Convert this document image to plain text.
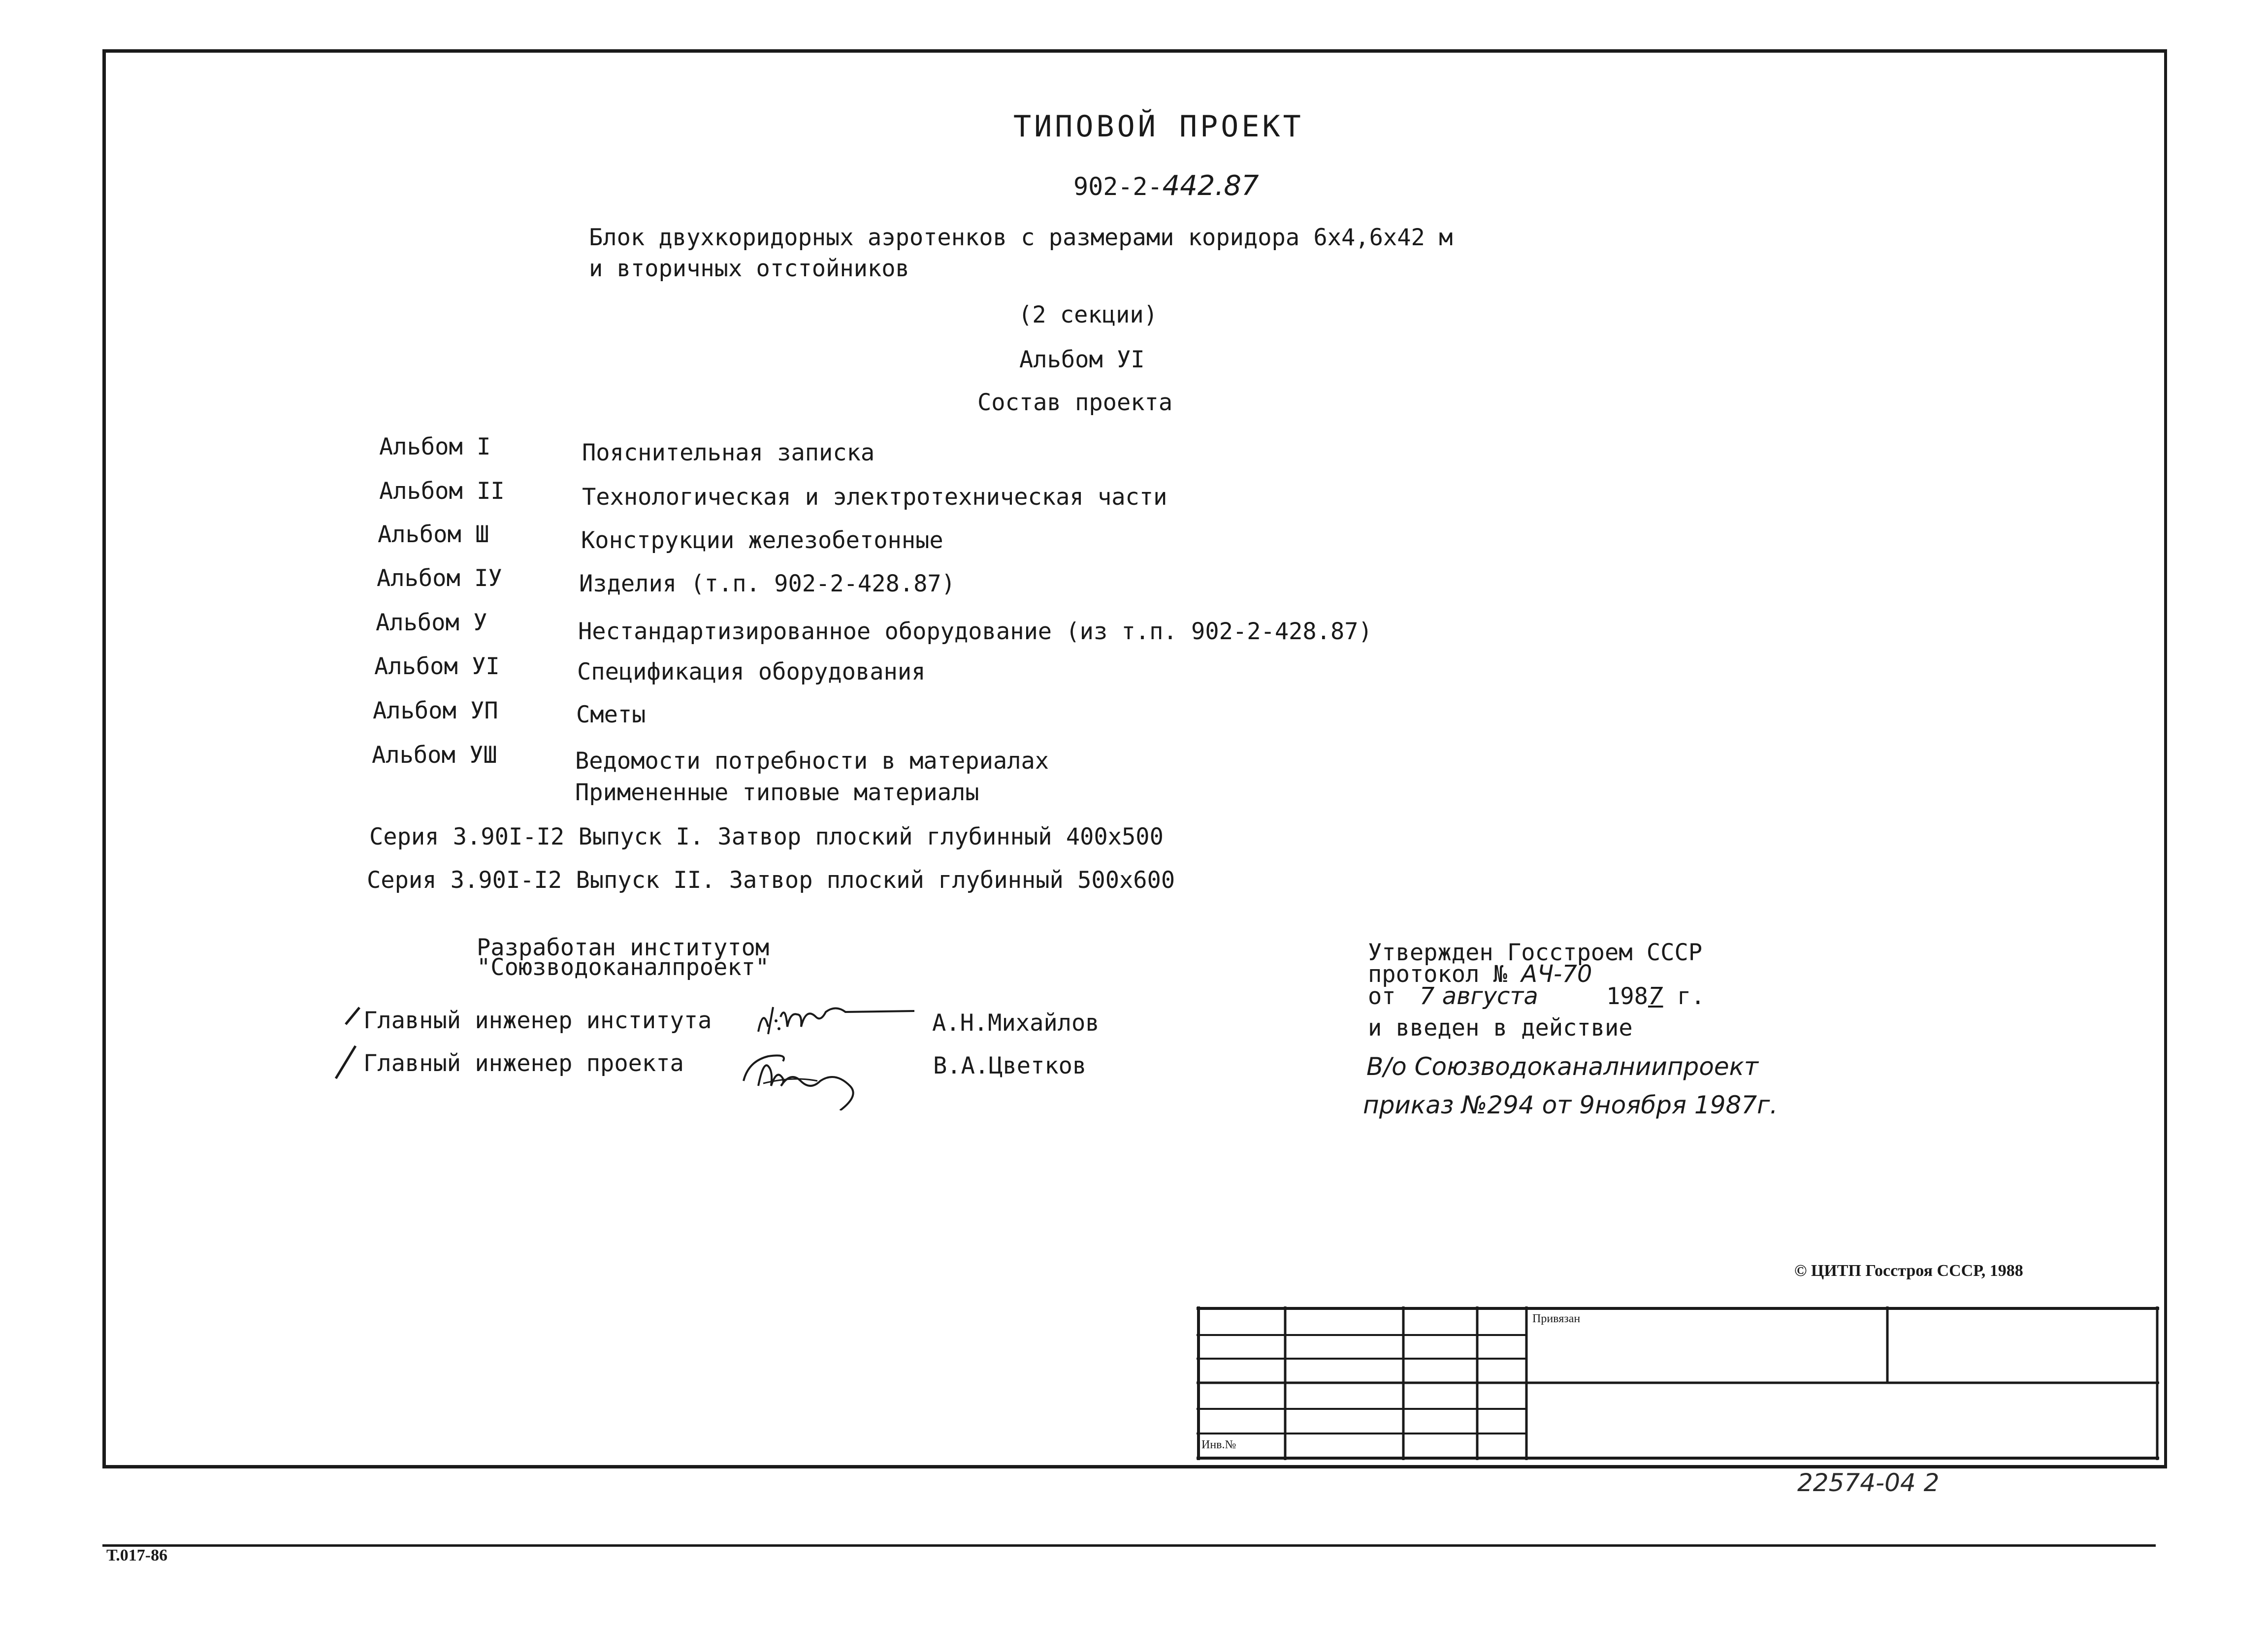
ТИПОВОЙ ПРОЕКТ
902-2-442.87
Блок двухкоридорных аэротенков с размерами коридора 6х4,6х42 м
и вторичных отстойников
(2 секции)
Альбом УI
Состав проекта
Альбом I	Пояснительная записка
Альбом II	Технологическая и электротехническая части
Альбом Ш	Конструкции железобетонные
Альбом IУ	Изделия (т.п. 902-2-428.87)
Альбом У	Нестандартизированное оборудование (из т.п. 902-2-428.87)
Альбом УI	Спецификация оборудования
Альбом УП	Сметы
Альбом УШ	Ведомости потребности в материалах
Примененные типовые материалы
Серия 3.90I-I2 Выпуск I. Затвор плоский глубинный 400х500
Серия 3.90I-I2 Выпуск II. Затвор плоский глубинный 500х600
Разработан институтом
"Союзводоканалпроект"
Главный инженер института	А.Н.Михайлов
Главный инженер проекта	В.А.Цветков
Утвержден Госстроем СССР
протокол № АЧ-70
от 7 августа	1987 г.
и введен в действие
В/о Союзводоканалниипроект
приказ №294 от 9ноября 1987г.
© ЦИТП Госстроя СССР, 1988
Привязан
Инв.№
22574-04 2
Т.017-86
